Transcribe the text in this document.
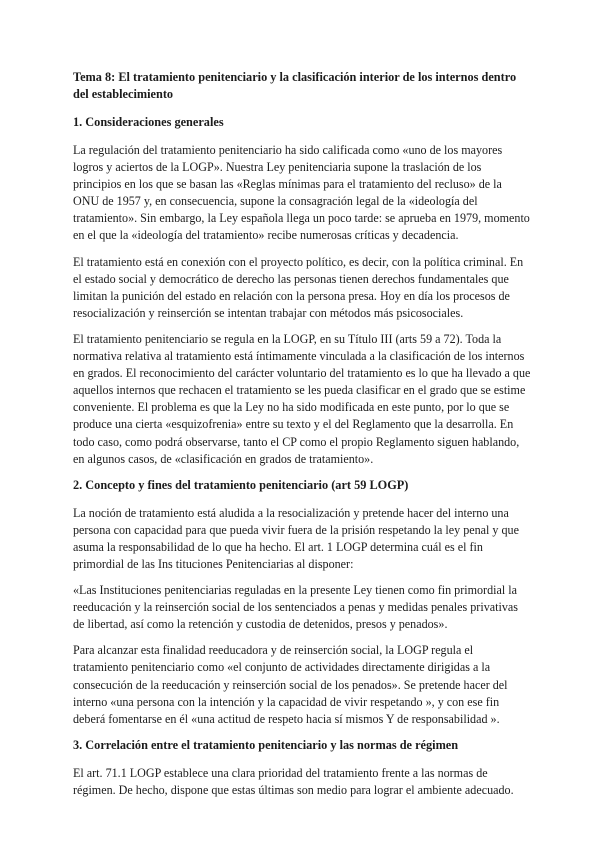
Tema 8: El tratamiento penitenciario y la clasificación interior de los internos dentro del establecimiento
1. Consideraciones generales

La regulación del tratamiento penitenciario ha sido calificada como «uno de los mayores logros y aciertos de la LOGP». Nuestra Ley penitenciaria supone la traslación de los principios en los que se basan las «Reglas mínimas para el tratamiento del recluso» de la ONU de 1957 y, en consecuencia, supone la consagración legal de la «ideología del tratamiento». Sin embargo, la Ley española llega un poco tarde: se aprueba en 1979, momento en el que la «ideología del tratamiento» recibe numerosas críticas y decadencia.

El tratamiento está en conexión con el proyecto político, es decir, con la política criminal. En el estado social y democrático de derecho las personas tienen derechos fundamentales que limitan la punición del estado en relación con la persona presa. Hoy en día los procesos de resocialización y reinserción se intentan trabajar con métodos más psicosociales.

El tratamiento penitenciario se regula en la LOGP, en su Título III (arts 59 a 72). Toda la normativa relativa al tratamiento está íntimamente vinculada a la clasificación de los internos en grados. El reconocimiento del carácter voluntario del tratamiento es lo que ha llevado a que aquellos internos que rechacen el tratamiento se les pueda clasificar en el grado que se estime conveniente. El problema es que la Ley no ha sido modificada en este punto, por lo que se produce una cierta «esquizofrenia» entre su texto y el del Reglamento que la desarrolla. En todo caso, como podrá observarse, tanto el CP como el propio Reglamento siguen hablando, en algunos casos, de «clasificación en grados de tratamiento».

2. Concepto y fines del tratamiento penitenciario (art 59 LOGP)

La noción de tratamiento está aludida a la resocialización y pretende hacer del interno una persona con capacidad para que pueda vivir fuera de la prisión respetando la ley penal y que asuma la responsabilidad de lo que ha hecho. El art. 1 LOGP determina cuál es el fin primordial de las Ins tituciones Penitenciarias al disponer:

«Las Instituciones penitenciarias reguladas en la presente Ley tienen como fin primordial la reeducación y la reinserción social de los sentenciados a penas y medidas penales privativas de libertad, así como la retención y custodia de detenidos, presos y penados».

Para alcanzar esta finalidad reeducadora y de reinserción social, la LOGP regula el tratamiento penitenciario como «el conjunto de actividades directamente dirigidas a la consecución de la reeducación y reinserción social de los penados». Se pretende hacer del interno «una persona con la intención y la capacidad de vivir respetando », y con ese fin deberá fomentarse en él «una actitud de respeto hacia sí mismos Y de responsabilidad ».

3. Correlación entre el tratamiento penitenciario y las normas de régimen

El art. 71.1 LOGP establece una clara prioridad del tratamiento frente a las normas de régimen. De hecho, dispone que estas últimas son medio para lograr el ambiente adecuado.
